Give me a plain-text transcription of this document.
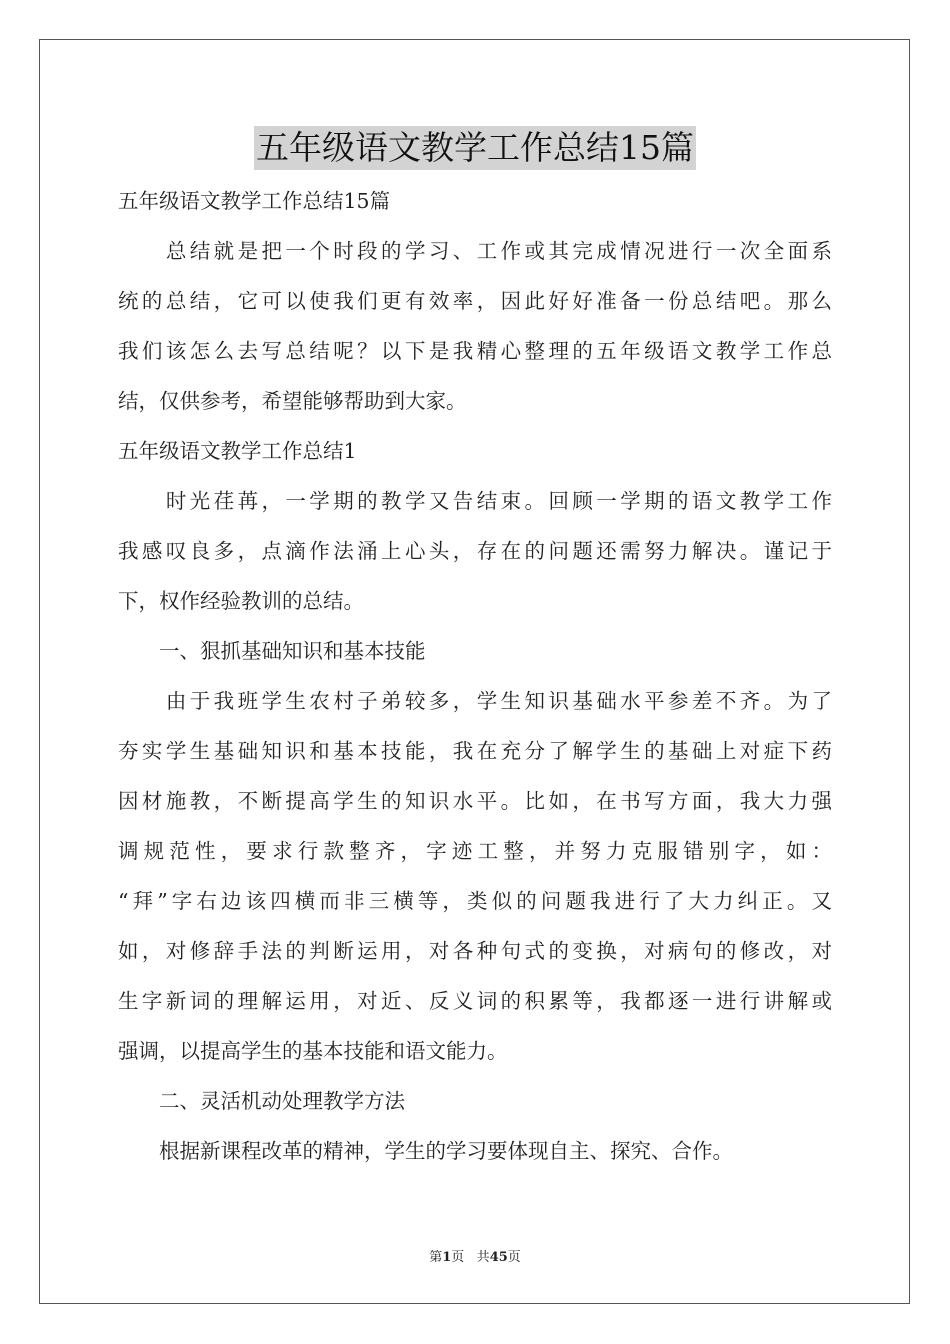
五年级语文教学工作总结15篇
五年级语文教学工作总结15篇
　　总结就是把一个时段的学习、工作或其完成情况进行一次全面系
统的总结，它可以使我们更有效率，因此好好准备一份总结吧。那么
我们该怎么去写总结呢？以下是我精心整理的五年级语文教学工作总
结，仅供参考，希望能够帮助到大家。
五年级语文教学工作总结1
　　时光荏苒，一学期的教学又告结束。回顾一学期的语文教学工作
我感叹良多，点滴作法涌上心头，存在的问题还需努力解决。谨记于
下，权作经验教训的总结。
　　一、狠抓基础知识和基本技能
　　由于我班学生农村子弟较多，学生知识基础水平参差不齐。为了
夯实学生基础知识和基本技能，我在充分了解学生的基础上对症下药
因材施教，不断提高学生的知识水平。比如，在书写方面，我大力强
调规范性，要求行款整齐，字迹工整，并努力克服错别字，如：
“拜”字右边该四横而非三横等，类似的问题我进行了大力纠正。又
如，对修辞手法的判断运用，对各种句式的变换，对病句的修改，对
生字新词的理解运用，对近、反义词的积累等，我都逐一进行讲解或
强调，以提高学生的基本技能和语文能力。
　　二、灵活机动处理教学方法
　　根据新课程改革的精神，学生的学习要体现自主、探究、合作。
第1页 共45页
